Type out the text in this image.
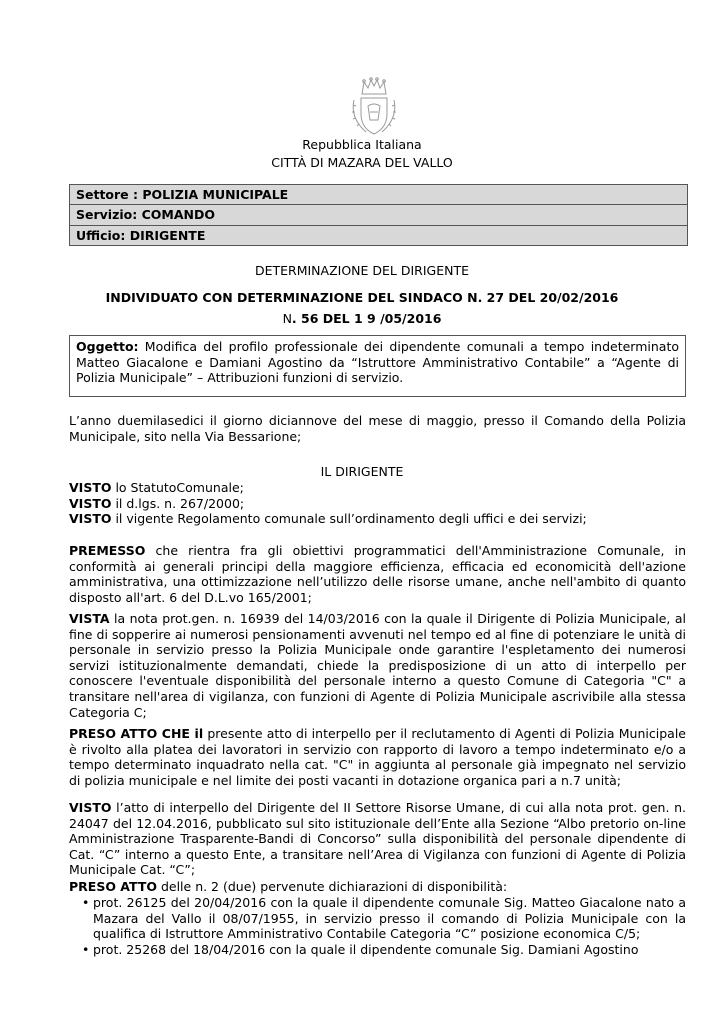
Repubblica Italiana
CITTÀ DI MAZARA DEL VALLO
Settore : POLIZIA MUNICIPALE
Servizio: COMANDO
Ufficio: DIRIGENTE
DETERMINAZIONE DEL DIRIGENTE
INDIVIDUATO CON DETERMINAZIONE DEL SINDACO N. 27 DEL 20/02/2016
N. 56 DEL 1 9 /05/2016
Oggetto: Modifica del profilo professionale dei dipendente comunali a tempo indeterminato Matteo Giacalone e Damiani Agostino da “Istruttore Amministrativo Contabile” a “Agente di Polizia Municipale” – Attribuzioni funzioni di servizio.

L’anno duemilasedici il giorno diciannove del mese di maggio, presso il Comando della Polizia Municipale, sito nella Via Bessarione;

IL DIRIGENTE
VISTO lo StatutoComunale;
VISTO il d.lgs. n. 267/2000;
VISTO il vigente Regolamento comunale sull’ordinamento degli uffici e dei servizi;

PREMESSO che rientra fra gli obiettivi programmatici dell'Amministrazione Comunale, in conformità ai generali principi della maggiore efficienza, efficacia ed economicità dell'azione amministrativa, una ottimizzazione nell’utilizzo delle risorse umane, anche nell'ambito di quanto disposto all'art. 6 del D.L.vo 165/2001;

VISTA la nota prot.gen. n. 16939 del 14/03/2016 con la quale il Dirigente di Polizia Municipale, al fine di sopperire ai numerosi pensionamenti avvenuti nel tempo ed al fine di potenziare le unità di personale in servizio presso la Polizia Municipale onde garantire l'espletamento dei numerosi servizi istituzionalmente demandati, chiede la predisposizione di un atto di interpello per conoscere l'eventuale disponibilità del personale interno a questo Comune di Categoria "C" a transitare nell'area di vigilanza, con funzioni di Agente di Polizia Municipale ascrivibile alla stessa Categoria C;

PRESO ATTO CHE il presente atto di interpello per il reclutamento di Agenti di Polizia Municipale è rivolto alla platea dei lavoratori in servizio con rapporto di lavoro a tempo indeterminato e/o a tempo determinato inquadrato nella cat. "C" in aggiunta al personale già impegnato nel servizio di polizia municipale e nel limite dei posti vacanti in dotazione organica pari a n.7 unità;

VISTO l’atto di interpello del Dirigente del II Settore Risorse Umane, di cui alla nota prot. gen. n. 24047 del 12.04.2016, pubblicato sul sito istituzionale dell’Ente alla Sezione “Albo pretorio on-line Amministrazione Trasparente-Bandi di Concorso” sulla disponibilità del personale dipendente di Cat. “C” interno a questo Ente, a transitare nell’Area di Vigilanza con funzioni di Agente di Polizia Municipale Cat. “C”;

PRESO ATTO delle n. 2 (due) pervenute dichiarazioni di disponibilità:

• prot. 26125 del 20/04/2016 con la quale il dipendente comunale Sig. Matteo Giacalone nato a Mazara del Vallo il 08/07/1955, in servizio presso il comando di Polizia Municipale con la qualifica di Istruttore Amministrativo Contabile Categoria “C” posizione economica C/5;
• prot. 25268 del 18/04/2016 con la quale il dipendente comunale Sig. Damiani Agostino
